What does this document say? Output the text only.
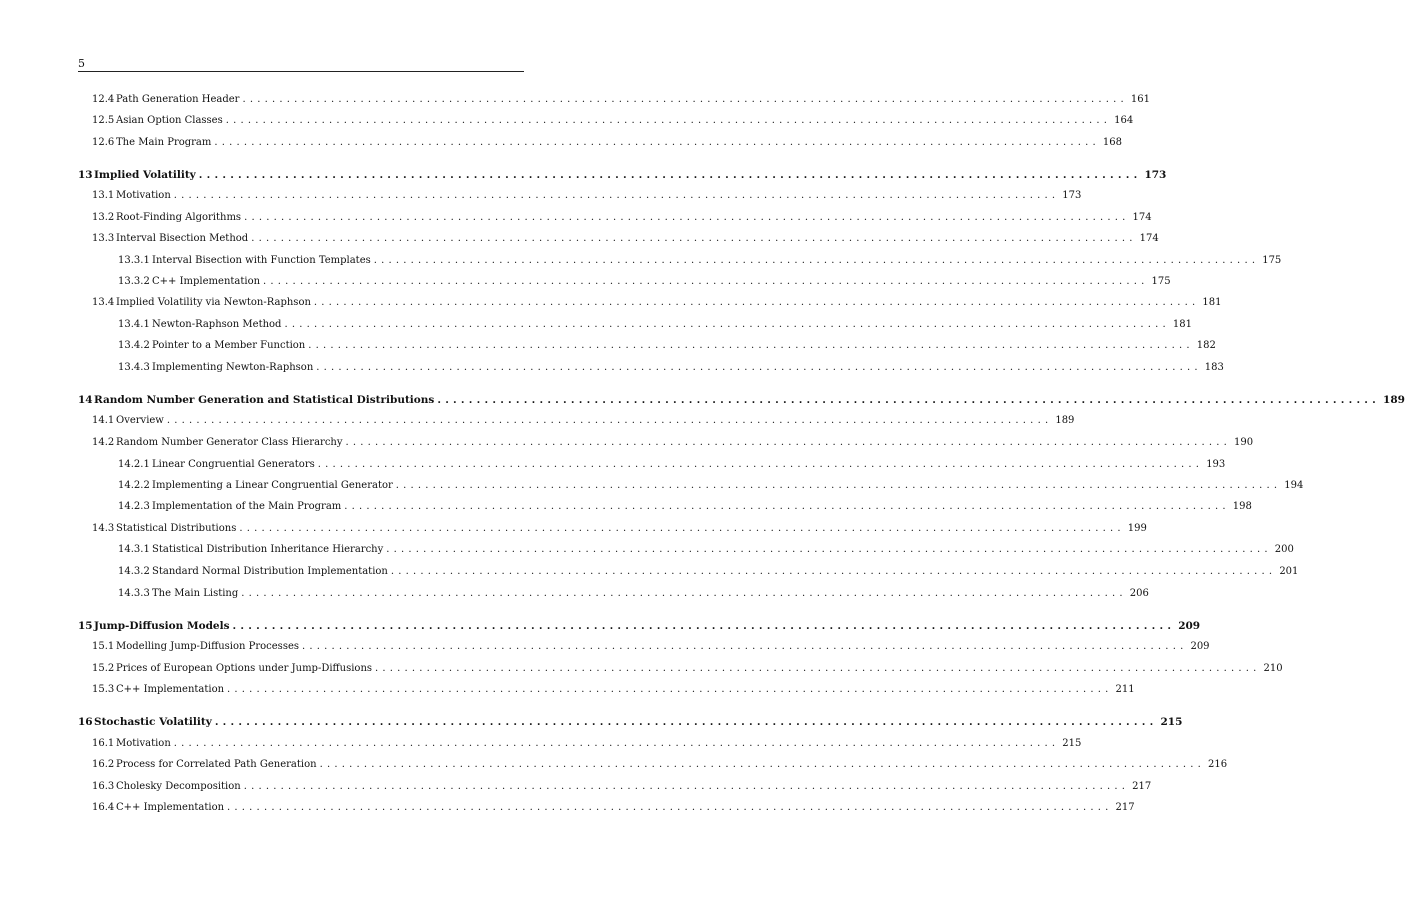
5
12.4 Path Generation Header ........................................................................................................................ 161
12.5 Asian Option Classes ........................................................................................................................ 164
12.6 The Main Program ........................................................................................................................ 168
13Implied Volatility ........................................................................................................................ 173
13.1 Motivation ........................................................................................................................ 173
13.2 Root-Finding Algorithms ........................................................................................................................ 174
13.3 Interval Bisection Method ........................................................................................................................ 174
13.3.1 Interval Bisection with Function Templates ........................................................................................................................ 175
13.3.2 C++ Implementation ........................................................................................................................ 175
13.4 Implied Volatility via Newton-Raphson ........................................................................................................................ 181
13.4.1 Newton-Raphson Method ........................................................................................................................ 181
13.4.2 Pointer to a Member Function ........................................................................................................................ 182
13.4.3 Implementing Newton-Raphson ........................................................................................................................ 183
14Random Number Generation and Statistical Distributions ........................................................................................................................ 189
14.1 Overview ........................................................................................................................ 189
14.2 Random Number Generator Class Hierarchy ........................................................................................................................ 190
14.2.1 Linear Congruential Generators ........................................................................................................................ 193
14.2.2 Implementing a Linear Congruential Generator ........................................................................................................................ 194
14.2.3 Implementation of the Main Program ........................................................................................................................ 198
14.3 Statistical Distributions ........................................................................................................................ 199
14.3.1 Statistical Distribution Inheritance Hierarchy ........................................................................................................................ 200
14.3.2 Standard Normal Distribution Implementation ........................................................................................................................ 201
14.3.3 The Main Listing ........................................................................................................................ 206
15Jump-Diffusion Models ........................................................................................................................ 209
15.1 Modelling Jump-Diffusion Processes ........................................................................................................................ 209
15.2 Prices of European Options under Jump-Diffusions ........................................................................................................................ 210
15.3 C++ Implementation ........................................................................................................................ 211
16Stochastic Volatility ........................................................................................................................ 215
16.1 Motivation ........................................................................................................................ 215
16.2 Process for Correlated Path Generation ........................................................................................................................ 216
16.3 Cholesky Decomposition ........................................................................................................................ 217
16.4 C++ Implementation ........................................................................................................................ 217
